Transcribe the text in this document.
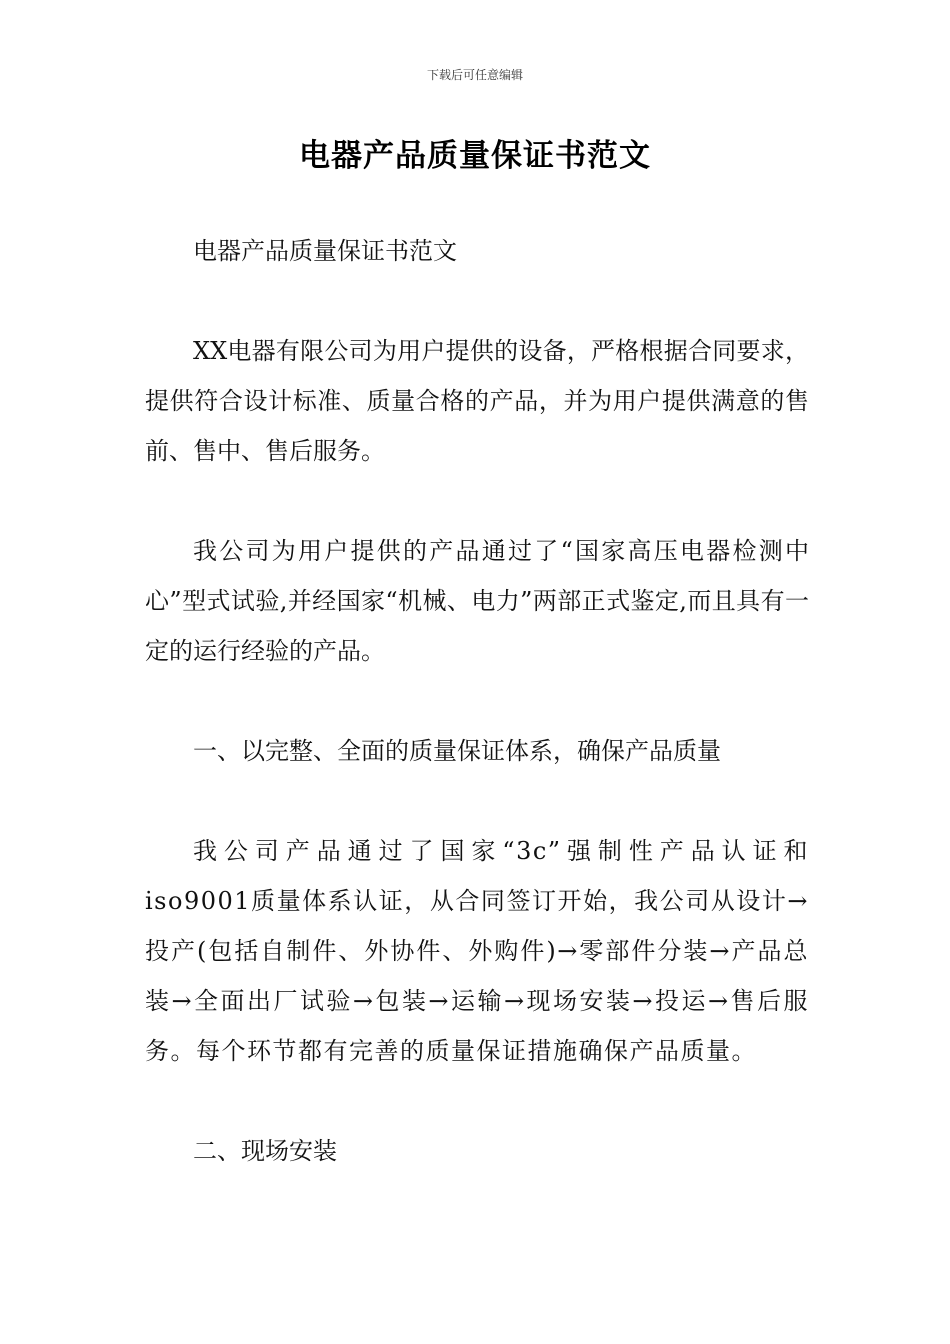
下载后可任意编辑
电器产品质量保证书范文

电器产品质量保证书范文

XX电器有限公司为用户提供的设备，严格根据合同要求，提供符合设计标准、质量合格的产品，并为用户提供满意的售前、售中、售后服务。

我公司为用户提供的产品通过了“国家高压电器检测中心”型式试验,并经国家“机械、电力”两部正式鉴定,而且具有一定的运行经验的产品。

一、以完整、全面的质量保证体系，确保产品质量

我公司产品通过了国家“3c”强制性产品认证和iso9001质量体系认证，从合同签订开始，我公司从设计→投产(包括自制件、外协件、外购件)→零部件分装→产品总装→全面出厂试验→包装→运输→现场安装→投运→售后服务。每个环节都有完善的质量保证措施确保产品质量。

二、现场安装
